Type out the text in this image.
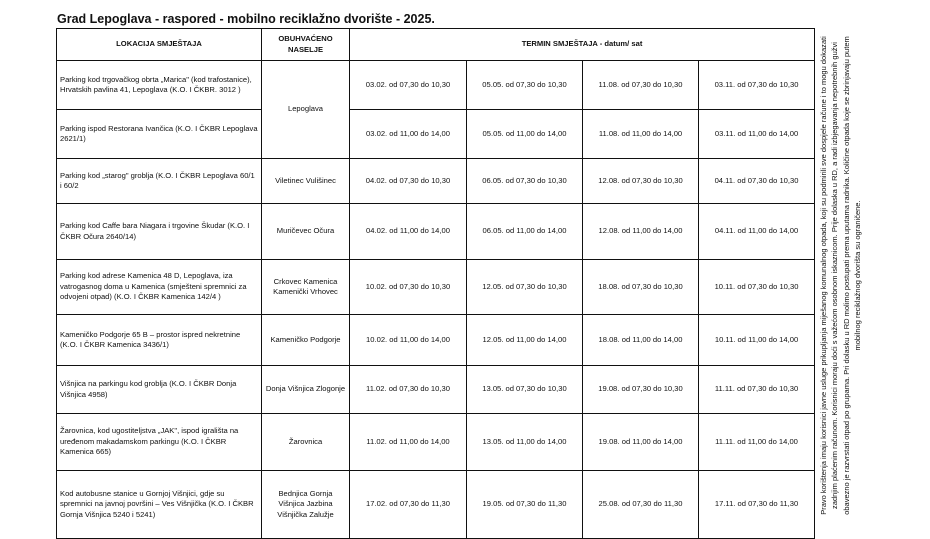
Grad Lepoglava - raspored - mobilno reciklažno dvorište - 2025.
LOKACIJA SMJEŠTAJA	OBUHVAĆENO NASELJE	TERMIN SMJEŠTAJA - datum/ sat			
Parking kod trgovačkog obrta „Marica" (kod trafostanice), Hrvatskih pavlina 41, Lepoglava (K.O. I ČKBR. 3012 )	Lepoglava	03.02. od 07,30 do 10,30	05.05. od 07,30 do 10,30	11.08. od 07,30 do 10,30	03.11. od 07,30 do 10,30
Parking ispod Restorana Ivančica (K.O. I ČKBR Lepoglava 2621/1)		03.02. od 11,00 do 14,00	05.05. od 11,00 do 14,00	11.08. od 11,00 do 14,00	03.11. od 11,00 do 14,00
Parking kod „starog" groblja (K.O. I ČKBR Lepoglava 60/1 i 60/2	Viletinec Vulišinec	04.02. od 07,30 do 10,30	06.05. od 07,30 do 10,30	12.08. od 07,30 do 10,30	04.11. od 07,30 do 10,30
Parking kod Caffe bara Niagara i trgovine Škudar (K.O. I ČKBR Očura 2640/14)	Muričevec Očura	04.02. od 11,00 do 14,00	06.05. od 11,00 do 14,00	12.08. od 11,00 do 14,00	04.11. od 11,00 do 14,00
Parking kod adrese Kamenica 48 D, Lepoglava, iza vatrogasnog doma u Kamenica (smješteni spremnici za odvojeni otpad) (K.O. I ČKBR Kamenica 142/4 )	Crkovec Kamenica Kamenički Vrhovec	10.02. od 07,30 do 10,30	12.05. od 07,30 do 10,30	18.08. od 07,30 do 10,30	10.11. od 07,30 do 10,30
Kameničko Podgorje 65 B – prostor ispred nekretnine (K.O. I ČKBR Kamenica 3436/1)	Kameničko Podgorje	10.02. od 11,00 do 14,00	12.05. od 11,00 do 14,00	18.08. od 11,00 do 14,00	10.11. od 11,00 do 14,00
Višnjica na parkingu kod groblja (K.O. I ČKBR Donja Višnjica 4958)	Donja Višnjica Zlogonje	11.02. od 07,30 do 10,30	13.05. od 07,30 do 10,30	19.08. od 07,30 do 10,30	11.11. od 07,30 do 10,30
Žarovnica, kod ugostiteljstva „JAK", ispod igrališta na uređenom makadamskom parkingu (K.O. I ČKBR Kamenica 665)	Žarovnica	11.02. od 11,00 do 14,00	13.05. od 11,00 do 14,00	19.08. od 11,00 do 14,00	11.11. od 11,00 do 14,00
Kod autobusne stanice u Gornjoj Višnjici, gdje su spremnici na javnoj površini – Ves Višnjička (K.O. I ČKBR Gornja Višnjica 5240 i 5241)	Bednjica Gornja Višnjica Jazbina Višnjička Zalužje	17.02. od 07,30 do 11,30	19.05. od 07,30 do 11,30	25.08. od 07,30 do 11,30	17.11. od 07,30 do 11,30	Pravo korištenja imaju korisnici javne usluge prikupljanja miješanog komunalnog otpada, koji su podmirili sve dospjele račune i to mogu dokazati zadnjim plaćenim računom. Korisnici moraju doći s važećom osobnom iskaznicom. Prije dolaska u RD, a radi izbjegavanja nepotrebnih gužvi obavezno je razvrstati otpad po grupama. Pri dolasku u RD molimo postupati prema uputama radnika. Količine otpada koje se zbrinjavaju putem mobilnog reciklažnog dvorišta su ograničene.
